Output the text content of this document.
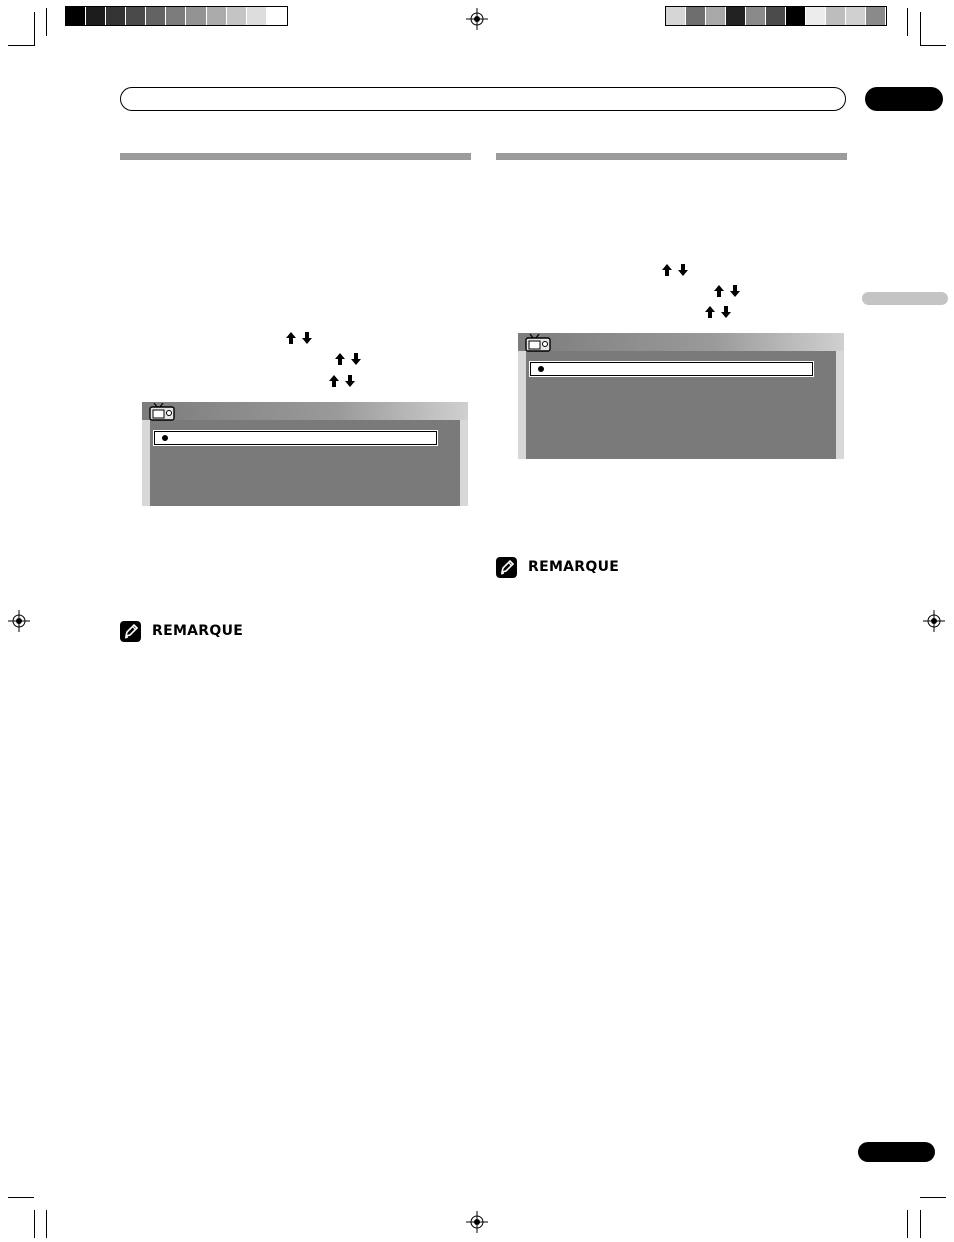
REMARQUE
REMARQUE
